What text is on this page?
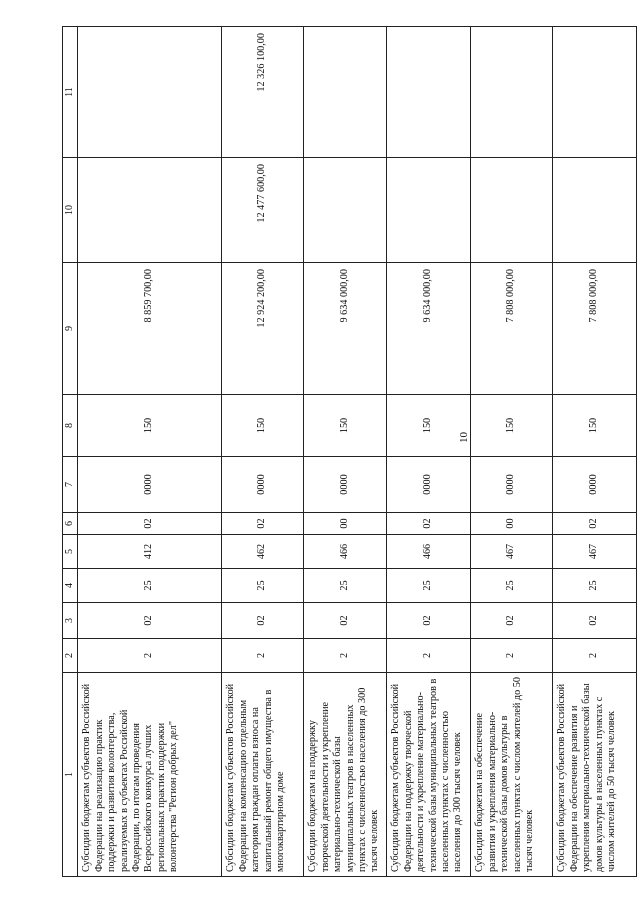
10
1	2	3	4	5	6	7	8	9	10	11
Субсидии бюджетам субъектов Российской Федерации на реализацию практик поддержки и развития волонтерства, реализуемых в субъектах Российской Федерации, по итогам проведения Всероссийского конкурса лучших региональных практик поддержки волонтерства "Регион добрых дел"	2	02	25	412	02	0000	150	8 859 700,00		
Субсидии бюджетам субъектов Российской Федерации на компенсацию отдельным категориям граждан оплаты взноса на капитальный ремонт общего имущества в многоквартирном доме	2	02	25	462	02	0000	150	12 924 200,00	12 477 600,00	12 326 100,00
Субсидии бюджетам на поддержку творческой деятельности и укрепление материально-технической базы муниципальных театров в населенных пунктах с численностью населения до 300 тысяч человек	2	02	25	466	00	0000	150	9 634 000,00		
Субсидии бюджетам субъектов Российской Федерации на поддержку творческой деятельности и укрепление материально-технической базы муниципальных театров в населенных пунктах с численностью населения до 300 тысяч человек	2	02	25	466	02	0000	150	9 634 000,00		
Субсидии бюджетам на обеспечение развития и укрепления материально-технической базы домов культуры в населенных пунктах с числом жителей до 50 тысяч человек	2	02	25	467	00	0000	150	7 808 000,00		
Субсидии бюджетам субъектов Российской Федерации на обеспечение развития и укрепления материально-технической базы домов культуры в населенных пунктах с числом жителей до 50 тысяч человек	2	02	25	467	02	0000	150	7 808 000,00		
